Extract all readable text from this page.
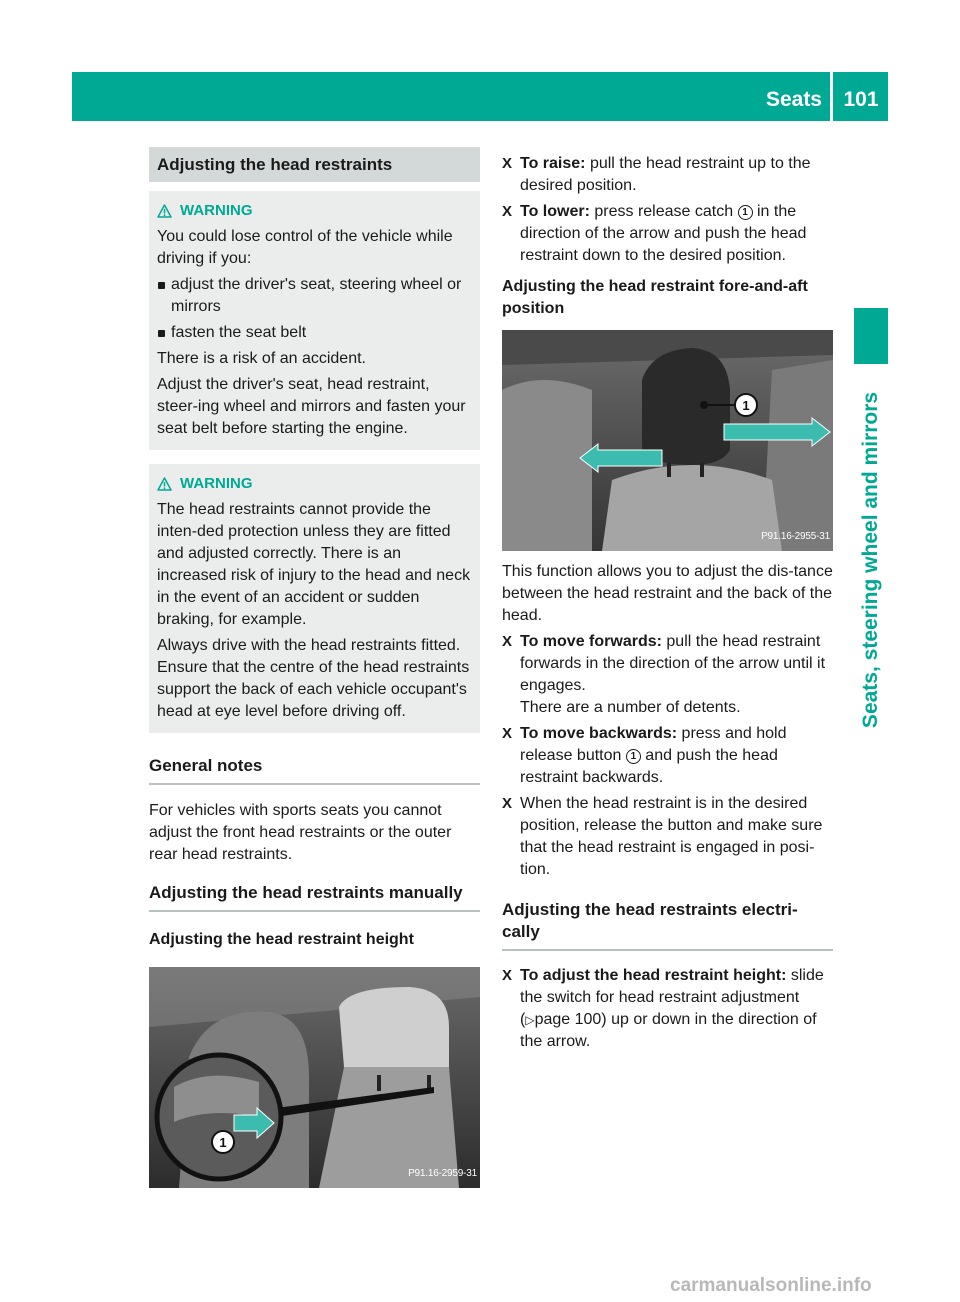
Seats	101
Seats, steering wheel and mirrors
Adjusting the head restraints
WARNING
You could lose control of the vehicle while driving if you:
adjust the driver's seat, steering wheel or mirrors
fasten the seat belt
There is a risk of an accident.
Adjust the driver's seat, head restraint, steer-ing wheel and mirrors and fasten your seat belt before starting the engine.
WARNING
The head restraints cannot provide the inten-ded protection unless they are fitted and adjusted correctly. There is an increased risk of injury to the head and neck in the event of an accident or sudden braking, for example.
Always drive with the head restraints fitted. Ensure that the centre of the head restraints support the back of each vehicle occupant's head at eye level before driving off.
General notes

For vehicles with sports seats you cannot adjust the front head restraints or the outer rear head restraints.

Adjusting the head restraints manually
Adjusting the head restraint height
1
P91.16-2959-31
X To raise: pull the head restraint up to the desired position.
X To lower: press release catch 1 in the direction of the arrow and push the head restraint down to the desired position.
Adjusting the head restraint fore-and-aft position
1
P91.16-2955-31

This function allows you to adjust the dis-tance between the head restraint and the back of the head.

X To move forwards: pull the head restraint forwards in the direction of the arrow until it engages.
There are a number of detents.
X To move backwards: press and hold release button 1 and push the head restraint backwards.
X When the head restraint is in the desired position, release the button and make sure that the head restraint is engaged in posi-tion.
Adjusting the head restraints electri-cally
X To adjust the head restraint height: slide the switch for head restraint adjustment (▷page 100) up or down in the direction of the arrow.
carmanualsonline.info
